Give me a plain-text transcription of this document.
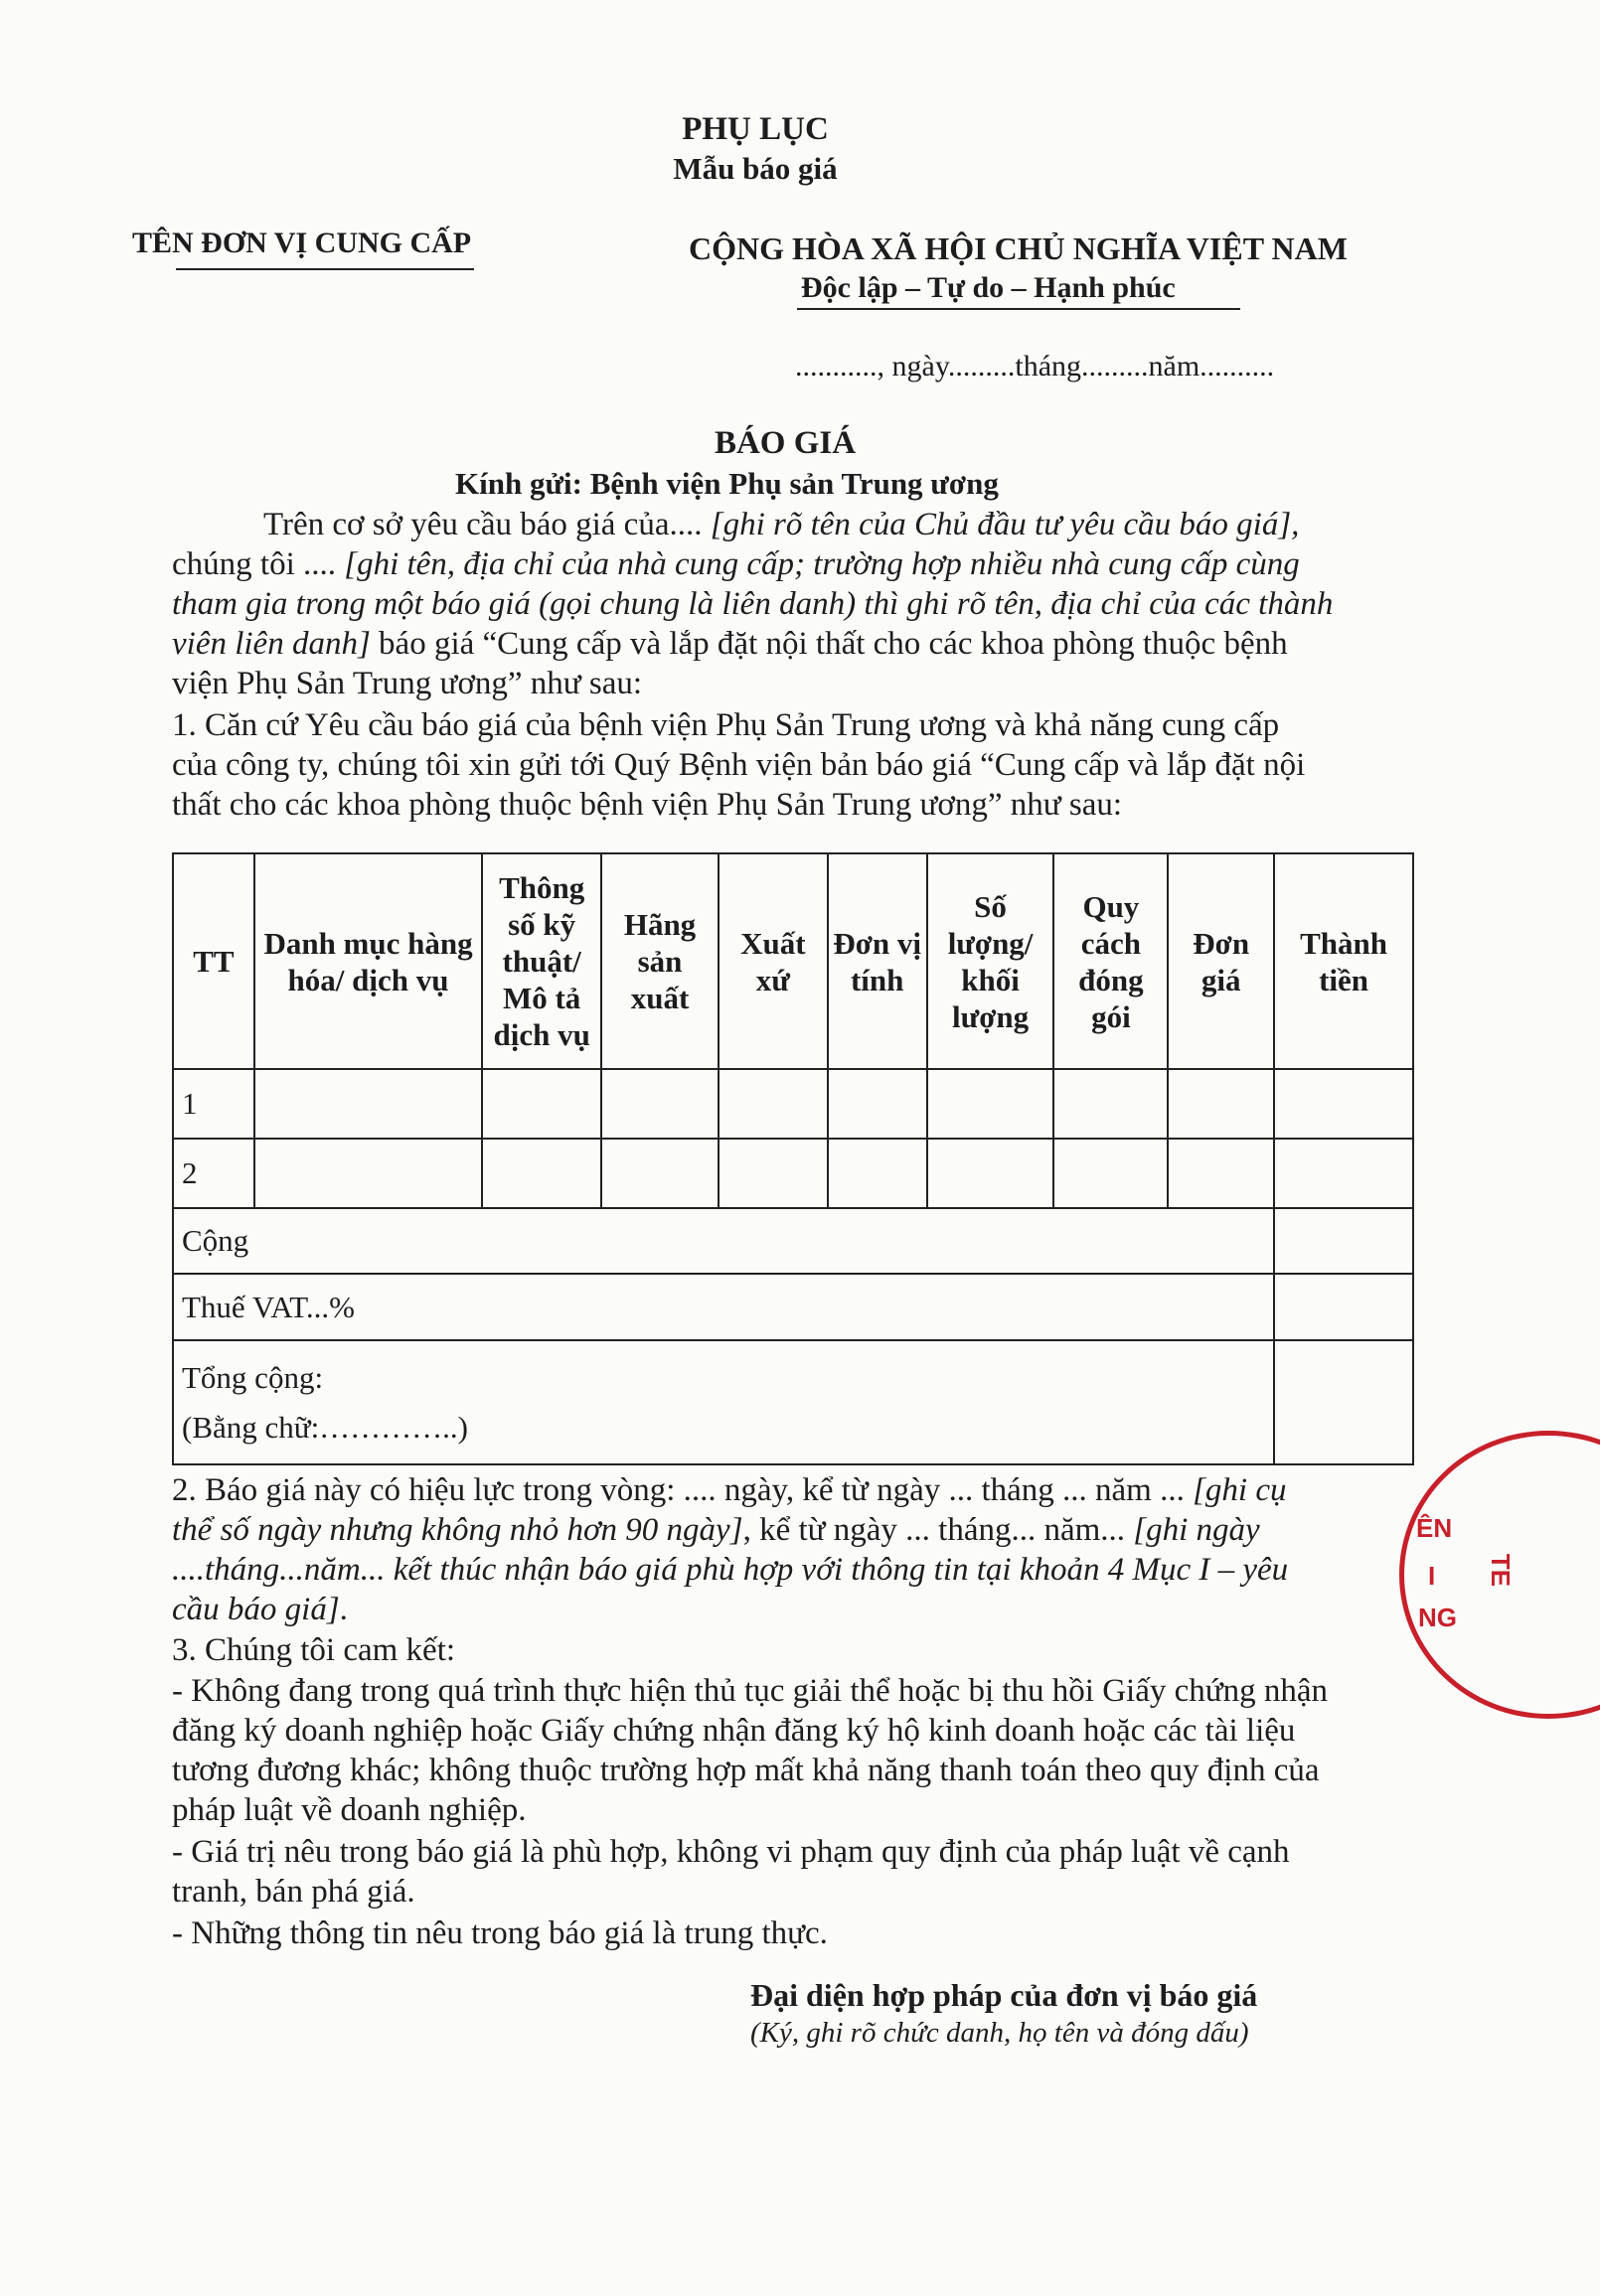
PHỤ LỤC
Mẫu báo giá
TÊN ĐƠN VỊ CUNG CẤP	CỘNG HÒA XÃ HỘI CHỦ NGHĨA VIỆT NAM
Độc lập – Tự do – Hạnh phúc
..........., ngày.........tháng.........năm..........
BÁO GIÁ
Kính gửi: Bệnh viện Phụ sản Trung ương
Trên cơ sở yêu cầu báo giá của.... [ghi rõ tên của Chủ đầu tư yêu cầu báo giá],
chúng tôi .... [ghi tên, địa chỉ của nhà cung cấp; trường hợp nhiều nhà cung cấp cùng
tham gia trong một báo giá (gọi chung là liên danh) thì ghi rõ tên, địa chỉ của các thành
viên liên danh] báo giá “Cung cấp và lắp đặt nội thất cho các khoa phòng thuộc bệnh
viện Phụ Sản Trung ương” như sau:
1. Căn cứ Yêu cầu báo giá của bệnh viện Phụ Sản Trung ương và khả năng cung cấp
của công ty, chúng tôi xin gửi tới Quý Bệnh viện bản báo giá “Cung cấp và lắp đặt nội
thất cho các khoa phòng thuộc bệnh viện Phụ Sản Trung ương” như sau:
TT	Danh mục hàng hóa/ dịch vụ	Thông số kỹ thuật/ Mô tả dịch vụ	Hãng sản xuất	Xuất xứ	Đơn vị tính	Số lượng/ khối lượng	Quy cách đóng gói	Đơn giá	Thành tiền
1									
2									
Cộng									
Thuế VAT...%									

Tổng cộng:
(Bằng chữ:…………..)									

2. Báo giá này có hiệu lực trong vòng: .... ngày, kể từ ngày ... tháng ... năm ... [ghi cụ
thể số ngày nhưng không nhỏ hơn 90 ngày], kể từ ngày ... tháng... năm... [ghi ngày
....tháng...năm... kết thúc nhận báo giá phù hợp với thông tin tại khoản 4 Mục I – yêu
cầu báo giá].
3. Chúng tôi cam kết:
- Không đang trong quá trình thực hiện thủ tục giải thể hoặc bị thu hồi Giấy chứng nhận
đăng ký doanh nghiệp hoặc Giấy chứng nhận đăng ký hộ kinh doanh hoặc các tài liệu
tương đương khác; không thuộc trường hợp mất khả năng thanh toán theo quy định của
pháp luật về doanh nghiệp.
- Giá trị nêu trong báo giá là phù hợp, không vi phạm quy định của pháp luật về cạnh
tranh, bán phá giá.
- Những thông tin nêu trong báo giá là trung thực.
Đại diện hợp pháp của đơn vị báo giá
(Ký, ghi rõ chức danh, họ tên và đóng dấu)
ÊN
I
NG
TE
